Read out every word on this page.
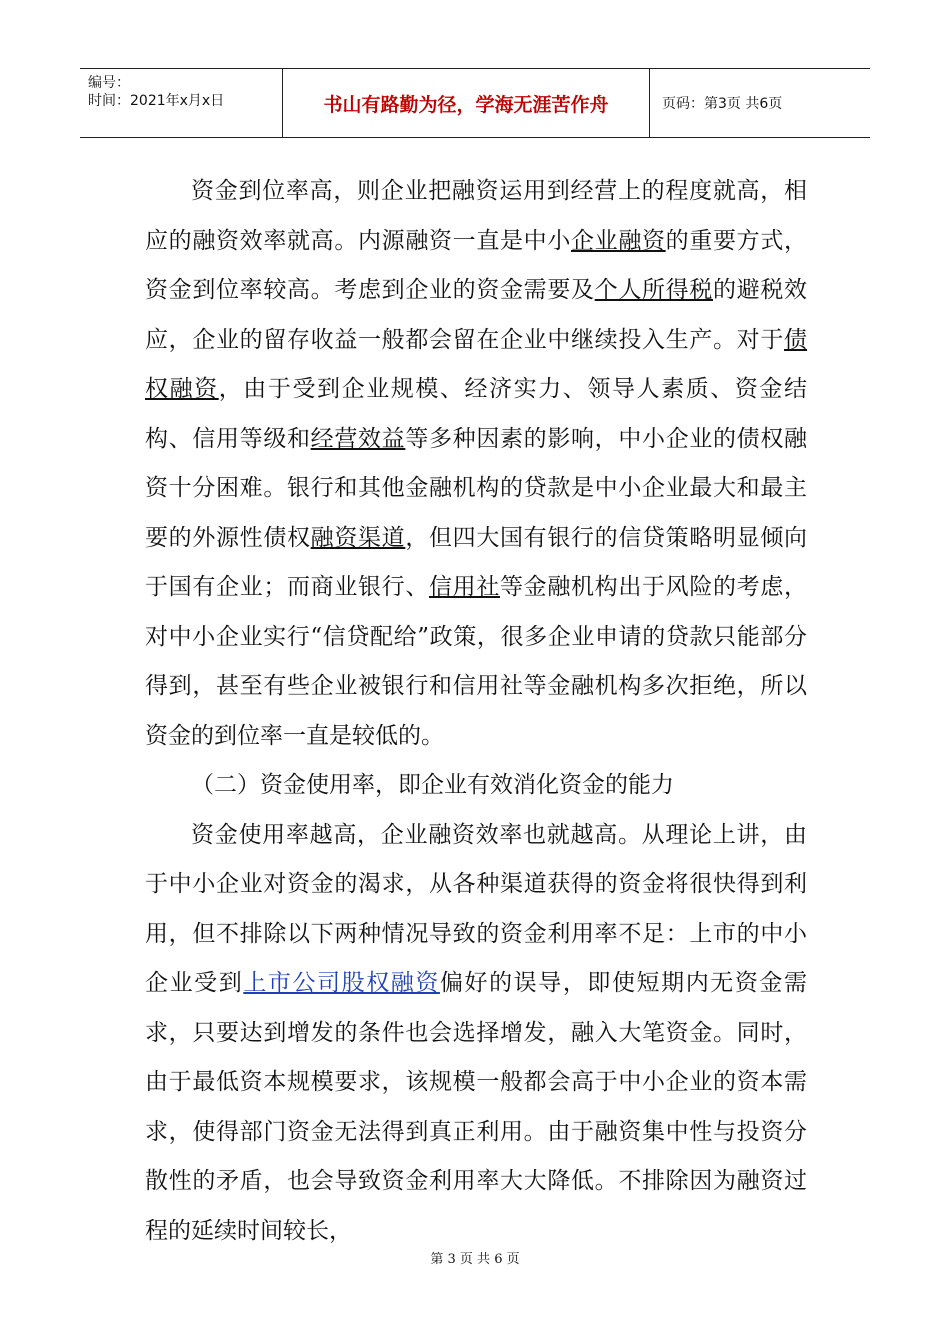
编号：
时间：2021年x月x日	书山有路勤为径，学海无涯苦作舟	页码：第3页 共6页

资金到位率高，则企业把融资运用到经营上的程度就高，相应的融资效率就高。内源融资一直是中小企业融资的重要方式，资金到位率较高。考虑到企业的资金需要及个人所得税的避税效应，企业的留存收益一般都会留在企业中继续投入生产。对于债权融资，由于受到企业规模、经济实力、领导人素质、资金结构、信用等级和经营效益等多种因素的影响，中小企业的债权融资十分困难。银行和其他金融机构的贷款是中小企业最大和最主要的外源性债权融资渠道，但四大国有银行的信贷策略明显倾向于国有企业；而商业银行、信用社等金融机构出于风险的考虑，对中小企业实行“信贷配给”政策，很多企业申请的贷款只能部分得到，甚至有些企业被银行和信用社等金融机构多次拒绝，所以资金的到位率一直是较低的。

（二）资金使用率，即企业有效消化资金的能力

资金使用率越高，企业融资效率也就越高。从理论上讲，由于中小企业对资金的渴求，从各种渠道获得的资金将很快得到利用，但不排除以下两种情况导致的资金利用率不足：上市的中小企业受到上市公司股权融资偏好的误导，即使短期内无资金需求，只要达到增发的条件也会选择增发，融入大笔资金。同时，由于最低资本规模要求，该规模一般都会高于中小企业的资本需求，使得部门资金无法得到真正利用。由于融资集中性与投资分散性的矛盾，也会导致资金利用率大大降低。不排除因为融资过程的延续时间较长，

第 3 页 共 6 页
